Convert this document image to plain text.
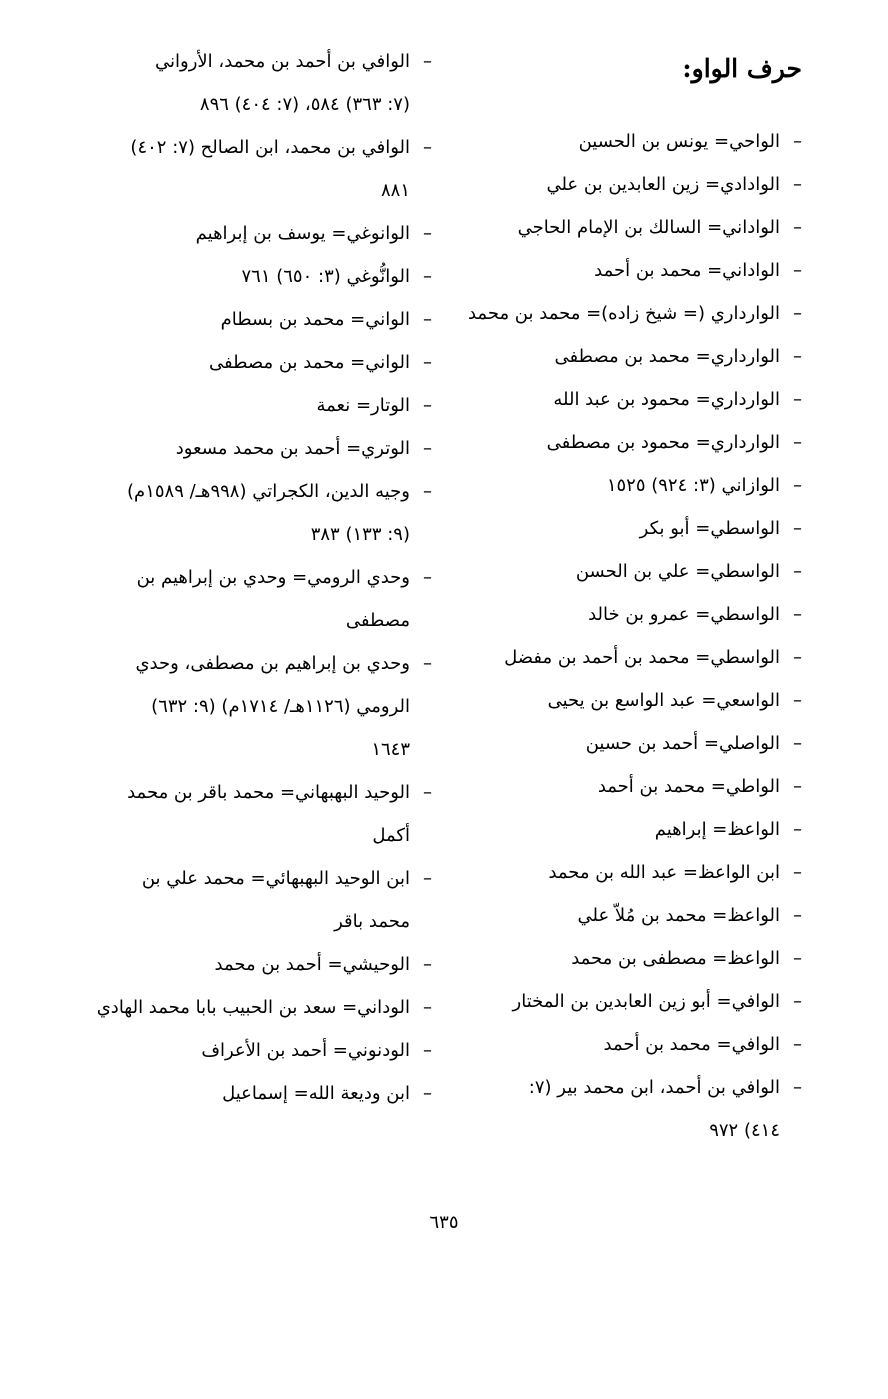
حرف الواو:
–الواحي= يونس بن الحسين
–الوادادي= زين العابدين بن علي
–الواداني= السالك بن الإمام الحاجي
–الواداني= محمد بن أحمد
–الوارداري (= شيخ زاده)= محمد بن محمد
–الوارداري= محمد بن مصطفى
–الوارداري= محمود بن عبد الله
–الوارداري= محمود بن مصطفى
–الوازاني (٣: ٩٢٤) ١٥٢٥
–الواسطي= أبو بكر
–الواسطي= علي بن الحسن
–الواسطي= عمرو بن خالد
–الواسطي= محمد بن أحمد بن مفضل
–الواسعي= عبد الواسع بن يحيى
–الواصلي= أحمد بن حسين
–الواطي= محمد بن أحمد
–الواعظ= إبراهيم
–ابن الواعظ= عبد الله بن محمد
–الواعظ= محمد بن مُلاّ علي
–الواعظ= مصطفى بن محمد
–الوافي= أبو زين العابدين بن المختار
–الوافي= محمد بن أحمد
–الوافي بن أحمد، ابن محمد بير (٧:
٤١٤) ٩٧٢
–الوافي بن أحمد بن محمد، الأرواني
(٧: ٣٦٣) ٥٨٤، (٧: ٤٠٤) ٨٩٦
–الوافي بن محمد، ابن الصالح (٧: ٤٠٢)
٨٨١
–الوانوغي= يوسف بن إبراهيم
–الوانُّوغي (٣: ٦٥٠) ٧٦١
–الواني= محمد بن بسطام
–الواني= محمد بن مصطفى
–الوتار= نعمة
–الوتري= أحمد بن محمد مسعود
–وجيه الدين، الكجراتي (٩٩٨هـ/ ١٥٨٩م)
(٩: ١٣٣) ٣٨٣
–وحدي الرومي= وحدي بن إبراهيم بن
مصطفى
–وحدي بن إبراهيم بن مصطفى، وحدي
الرومي (١١٢٦هـ/ ١٧١٤م) (٩: ٦٣٢)
١٦٤٣
–الوحيد البهبهاني= محمد باقر بن محمد
أكمل
–ابن الوحيد البهبهائي= محمد علي بن
محمد باقر
–الوحيشي= أحمد بن محمد
–الوداني= سعد بن الحبيب بابا محمد الهادي
–الودنوني= أحمد بن الأعراف
–ابن وديعة الله= إسماعيل
٦٣٥
